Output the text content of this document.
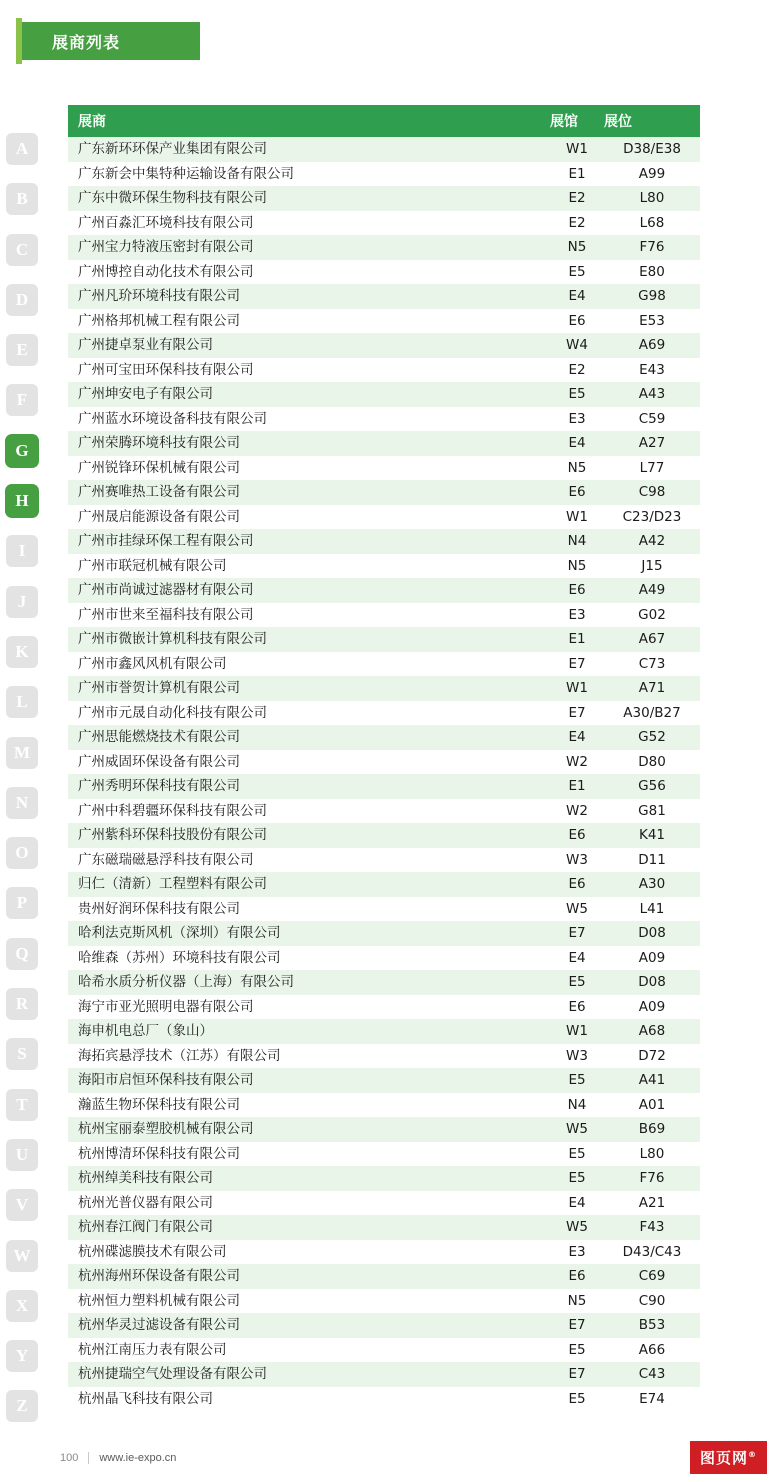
展商列表
A
B
C
D
E
F
G
H
I
J
K
L
M
N
O
P
Q
R
S
T
U
V
W
X
Y
Z
展商	展馆	展位
广东新环环保产业集团有限公司	W1	D38/E38
广东新会中集特种运输设备有限公司	E1	A99
广东中微环保生物科技有限公司	E2	L80
广州百淼汇环境科技有限公司	E2	L68
广州宝力特液压密封有限公司	N5	F76
广州博控自动化技术有限公司	E5	E80
广州凡玠环境科技有限公司	E4	G98
广州格邦机械工程有限公司	E6	E53
广州捷卓泵业有限公司	W4	A69
广州可宝田环保科技有限公司	E2	E43
广州坤安电子有限公司	E5	A43
广州蓝水环境设备科技有限公司	E3	C59
广州荣腾环境科技有限公司	E4	A27
广州锐锋环保机械有限公司	N5	L77
广州赛唯热工设备有限公司	E6	C98
广州晟启能源设备有限公司	W1	C23/D23
广州市挂绿环保工程有限公司	N4	A42
广州市联冠机械有限公司	N5	J15
广州市尚诚过滤器材有限公司	E6	A49
广州市世来至福科技有限公司	E3	G02
广州市微嵌计算机科技有限公司	E1	A67
广州市鑫风风机有限公司	E7	C73
广州市誉贺计算机有限公司	W1	A71
广州市元晟自动化科技有限公司	E7	A30/B27
广州思能燃烧技术有限公司	E4	G52
广州威固环保设备有限公司	W2	D80
广州秀明环保科技有限公司	E1	G56
广州中科碧疆环保科技有限公司	W2	G81
广州紫科环保科技股份有限公司	E6	K41
广东磁瑞磁悬浮科技有限公司	W3	D11
归仁（清新）工程塑料有限公司	E6	A30
贵州好润环保科技有限公司	W5	L41
哈利法克斯风机（深圳）有限公司	E7	D08
哈维森（苏州）环境科技有限公司	E4	A09
哈希水质分析仪器（上海）有限公司	E5	D08
海宁市亚光照明电器有限公司	E6	A09
海申机电总厂（象山）	W1	A68
海拓宾悬浮技术（江苏）有限公司	W3	D72
海阳市启恒环保科技有限公司	E5	A41
瀚蓝生物环保科技有限公司	N4	A01
杭州宝丽泰塑胶机械有限公司	W5	B69
杭州博清环保科技有限公司	E5	L80
杭州绰美科技有限公司	E5	F76
杭州光普仪器有限公司	E4	A21
杭州春江阀门有限公司	W5	F43
杭州碟滤膜技术有限公司	E3	D43/C43
杭州海州环保设备有限公司	E6	C69
杭州恒力塑料机械有限公司	N5	C90
杭州华灵过滤设备有限公司	E7	B53
杭州江南压力表有限公司	E5	A66
杭州捷瑞空气处理设备有限公司	E7	C43
杭州晶飞科技有限公司	E5	E74
100 www.ie-expo.cn	图页网®
